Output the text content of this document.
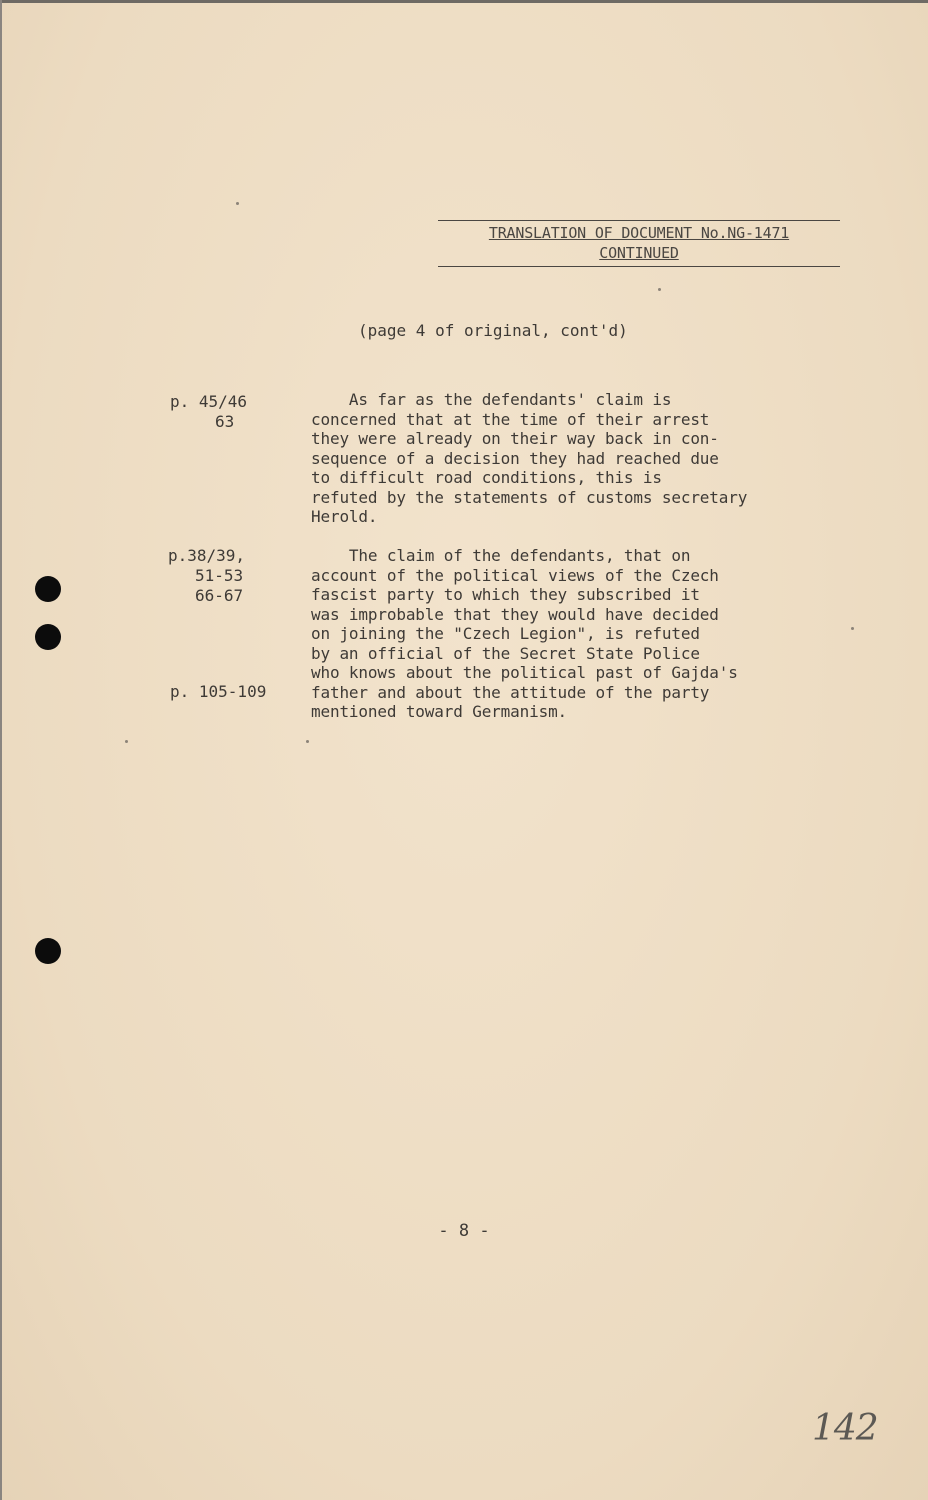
TRANSLATION OF DOCUMENT No.NG-1471
CONTINUED
(page 4 of original, cont'd)
p. 45/46
63
As far as the defendants' claim is
concerned that at the time of their arrest
they were already on their way back in con-
sequence of a decision they had reached due
to difficult road conditions, this is
refuted by the statements of customs secretary
Herold.
p.38/39,
51-53
66-67
p. 105-109
The claim of the defendants, that on
account of the political views of the Czech
fascist party to which they subscribed it
was improbable that they would have decided
on joining the "Czech Legion", is refuted
by an official of the Secret State Police
who knows about the political past of Gajda's
father and about the attitude of the party
mentioned toward Germanism.
- 8 -
142
